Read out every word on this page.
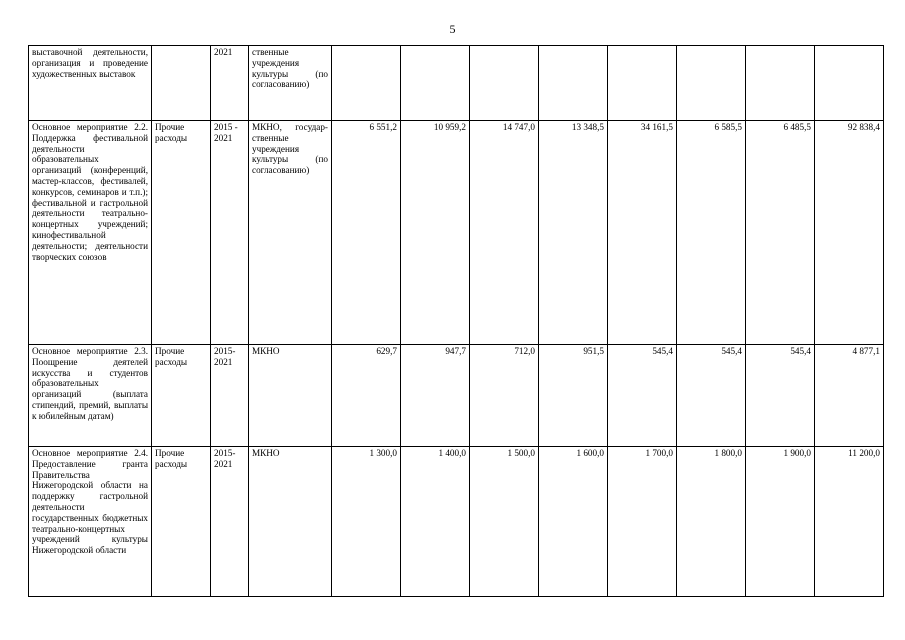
5
выставочной деятельности, организация и проведение художественных выставок		2021	ственные учреждения культуры (по согласованию)								
Основное мероприятие 2.2. Поддержка фестивальной деятельности образовательных организаций (конференций, мастер-классов, фестивалей, конкурсов, семинаров и т.п.); фестивальной и гастрольной деятельности театрально-концертных учреждений; кинофестивальной деятельности; деятельности творческих союзов	Прочие расходы	2015 - 2021	МКНО, государ-ственные учреждения культуры (по согласованию)	6 551,2	10 959,2	14 747,0	13 348,5	34 161,5	6 585,5	6 485,5	92 838,4
Основное мероприятие 2.3. Поощрение деятелей искусства и студентов образовательных организаций (выплата стипендий, премий, выплаты к юбилейным датам)	Прочие расходы	2015-2021	МКНО	629,7	947,7	712,0	951,5	545,4	545,4	545,4	4 877,1
Основное мероприятие 2.4. Предоставление гранта Правительства Нижегородской области на поддержку гастрольной деятельности государственных бюджетных театрально-концертных учреждений культуры Нижегородской области	Прочие расходы	2015-2021	МКНО	1 300,0	1 400,0	1 500,0	1 600,0	1 700,0	1 800,0	1 900,0	11 200,0
